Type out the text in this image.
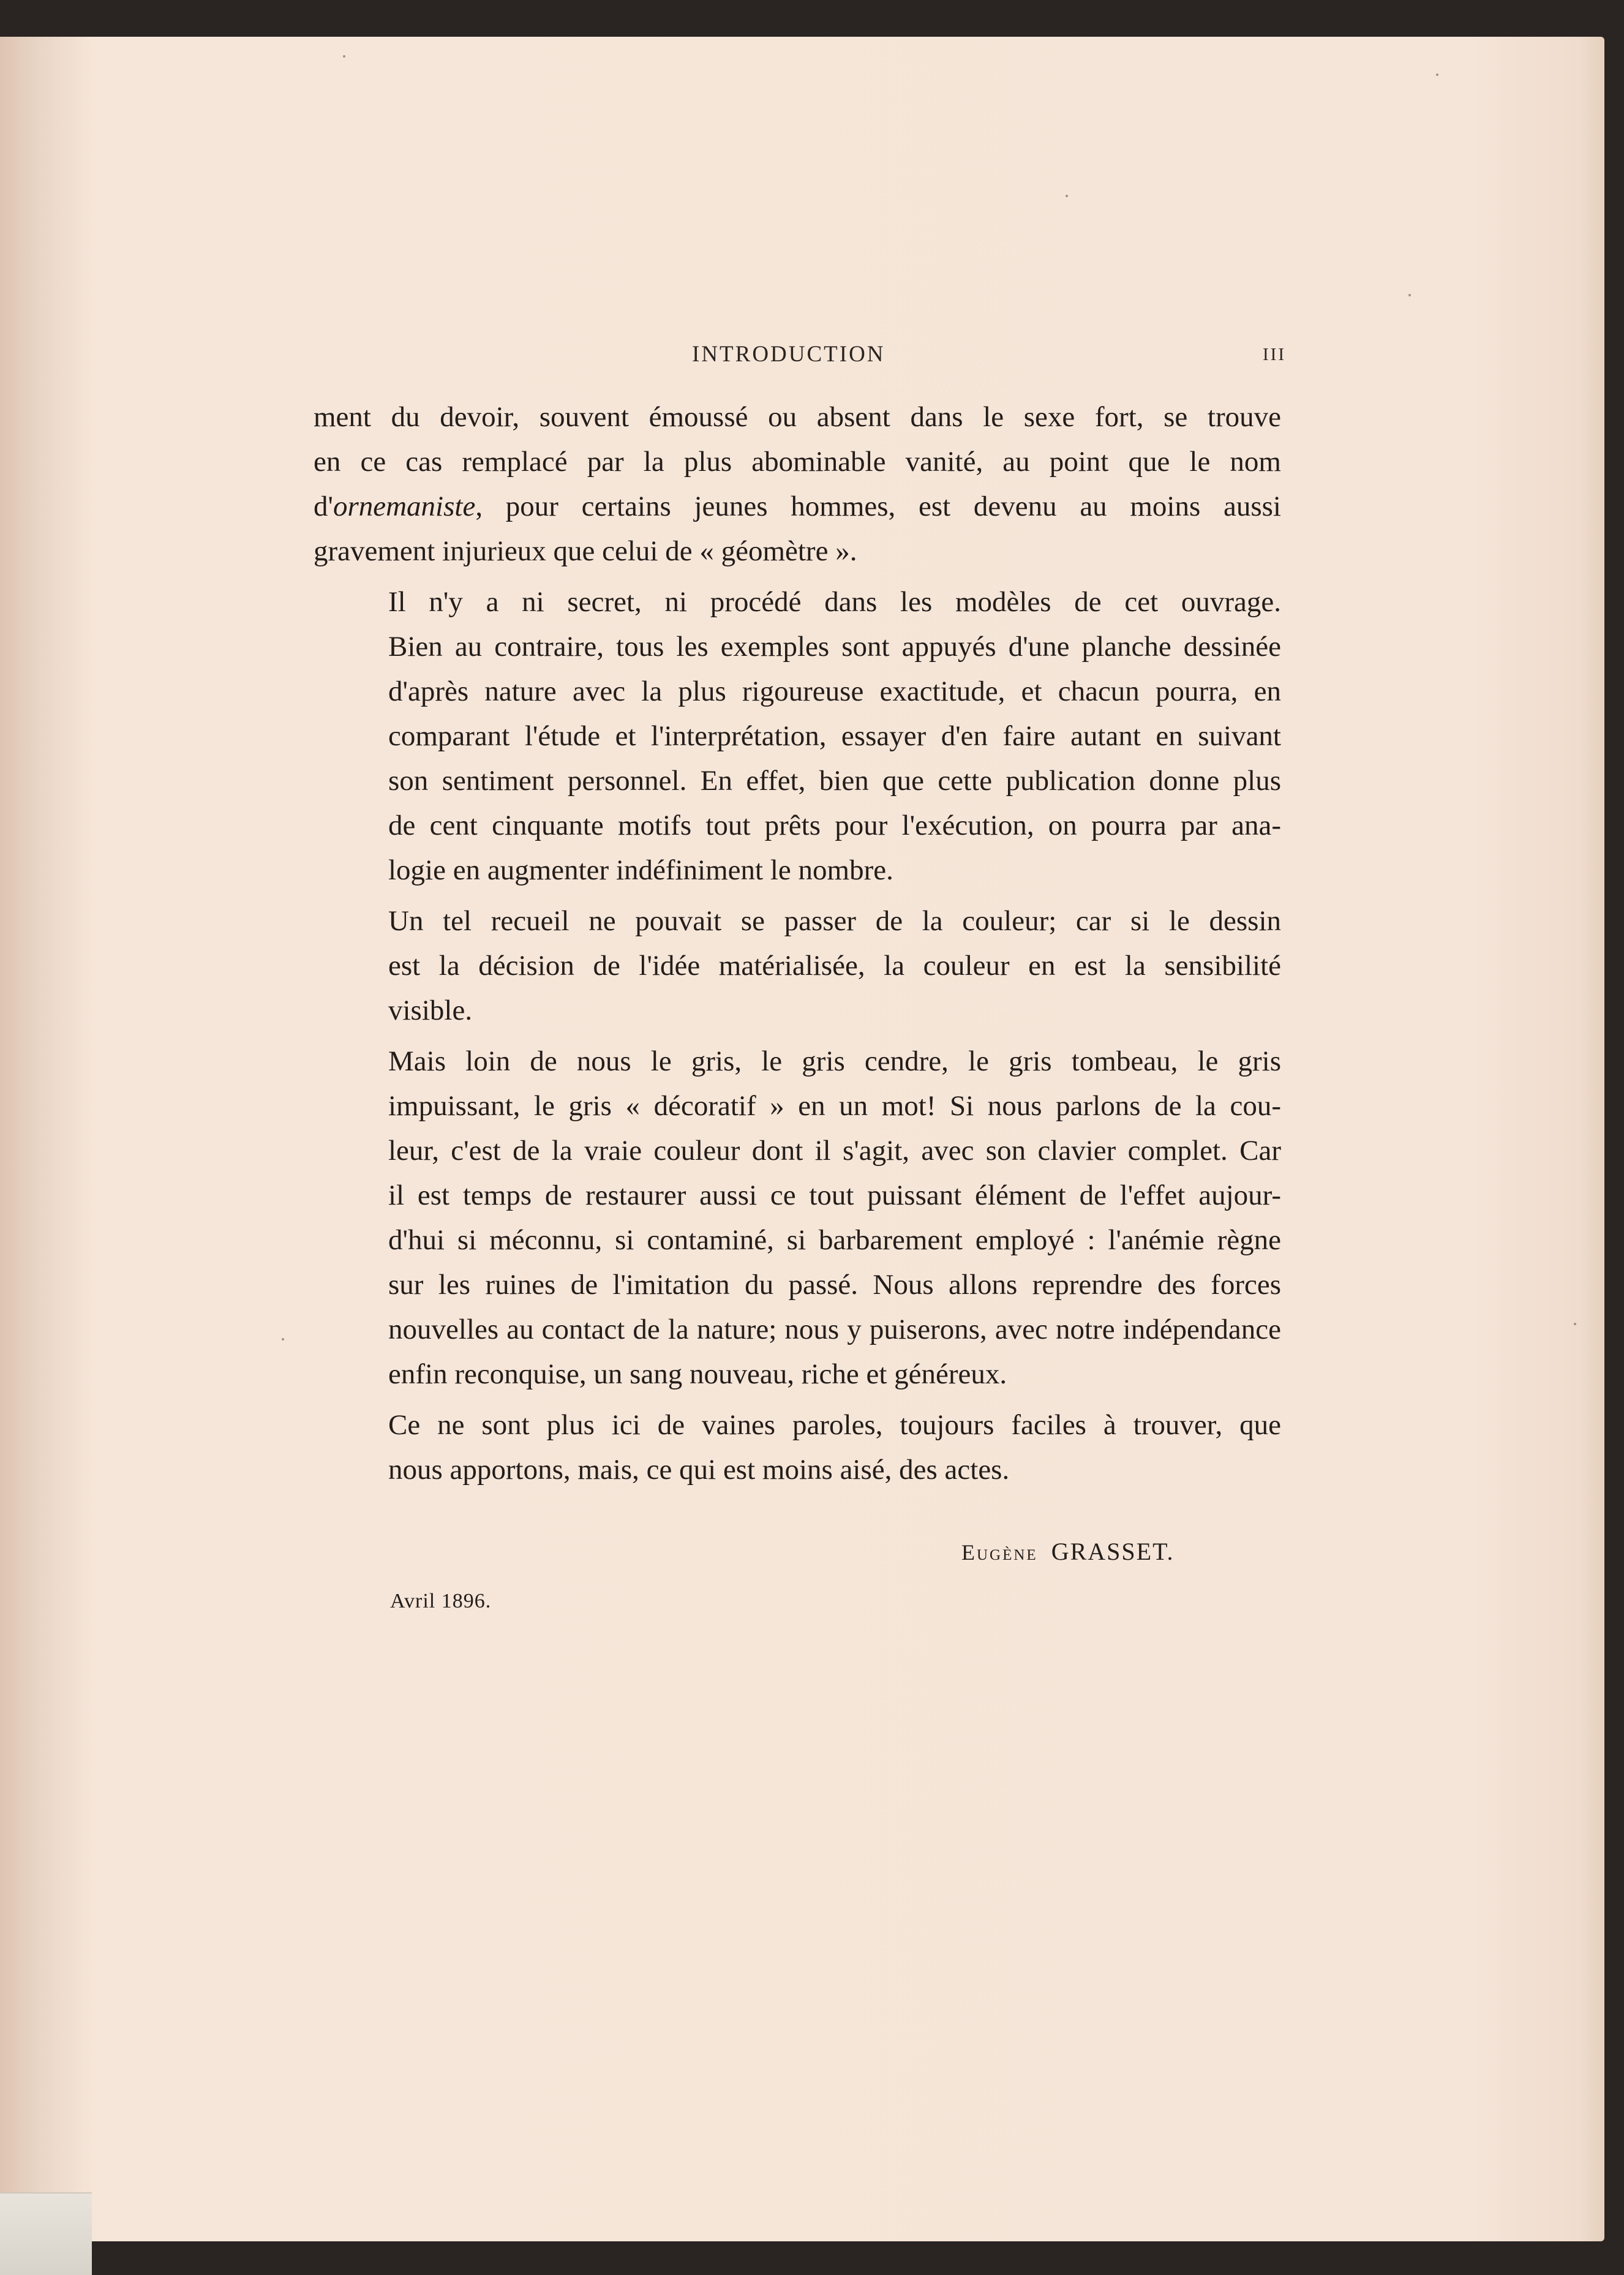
INTRODUCTION	III

ment du devoir, souvent émoussé ou absent dans le sexe fort, se trouve
en ce cas remplacé par la plus abominable vanité, au point que le nom
d'ornemaniste, pour certains jeunes hommes, est devenu au moins aussi
gravement injurieux que celui de « géomètre ».

Il n'y a ni secret, ni procédé dans les modèles de cet ouvrage.
Bien au contraire, tous les exemples sont appuyés d'une planche dessinée
d'après nature avec la plus rigoureuse exactitude, et chacun pourra, en
comparant l'étude et l'interprétation, essayer d'en faire autant en suivant
son sentiment personnel. En effet, bien que cette publication donne plus
de cent cinquante motifs tout prêts pour l'exécution, on pourra par ana-
logie en augmenter indéfiniment le nombre.

Un tel recueil ne pouvait se passer de la couleur; car si le dessin
est la décision de l'idée matérialisée, la couleur en est la sensibilité
visible.

Mais loin de nous le gris, le gris cendre, le gris tombeau, le gris
impuissant, le gris « décoratif » en un mot! Si nous parlons de la cou-
leur, c'est de la vraie couleur dont il s'agit, avec son clavier complet. Car
il est temps de restaurer aussi ce tout puissant élément de l'effet aujour-
d'hui si méconnu, si contaminé, si barbarement employé : l'anémie règne
sur les ruines de l'imitation du passé. Nous allons reprendre des forces
nouvelles au contact de la nature; nous y puiserons, avec notre indépendance
enfin reconquise, un sang nouveau, riche et généreux.

Ce ne sont plus ici de vaines paroles, toujours faciles à trouver, que
nous apportons, mais, ce qui est moins aisé, des actes.

Eugène GRASSET.
Avril 1896.
